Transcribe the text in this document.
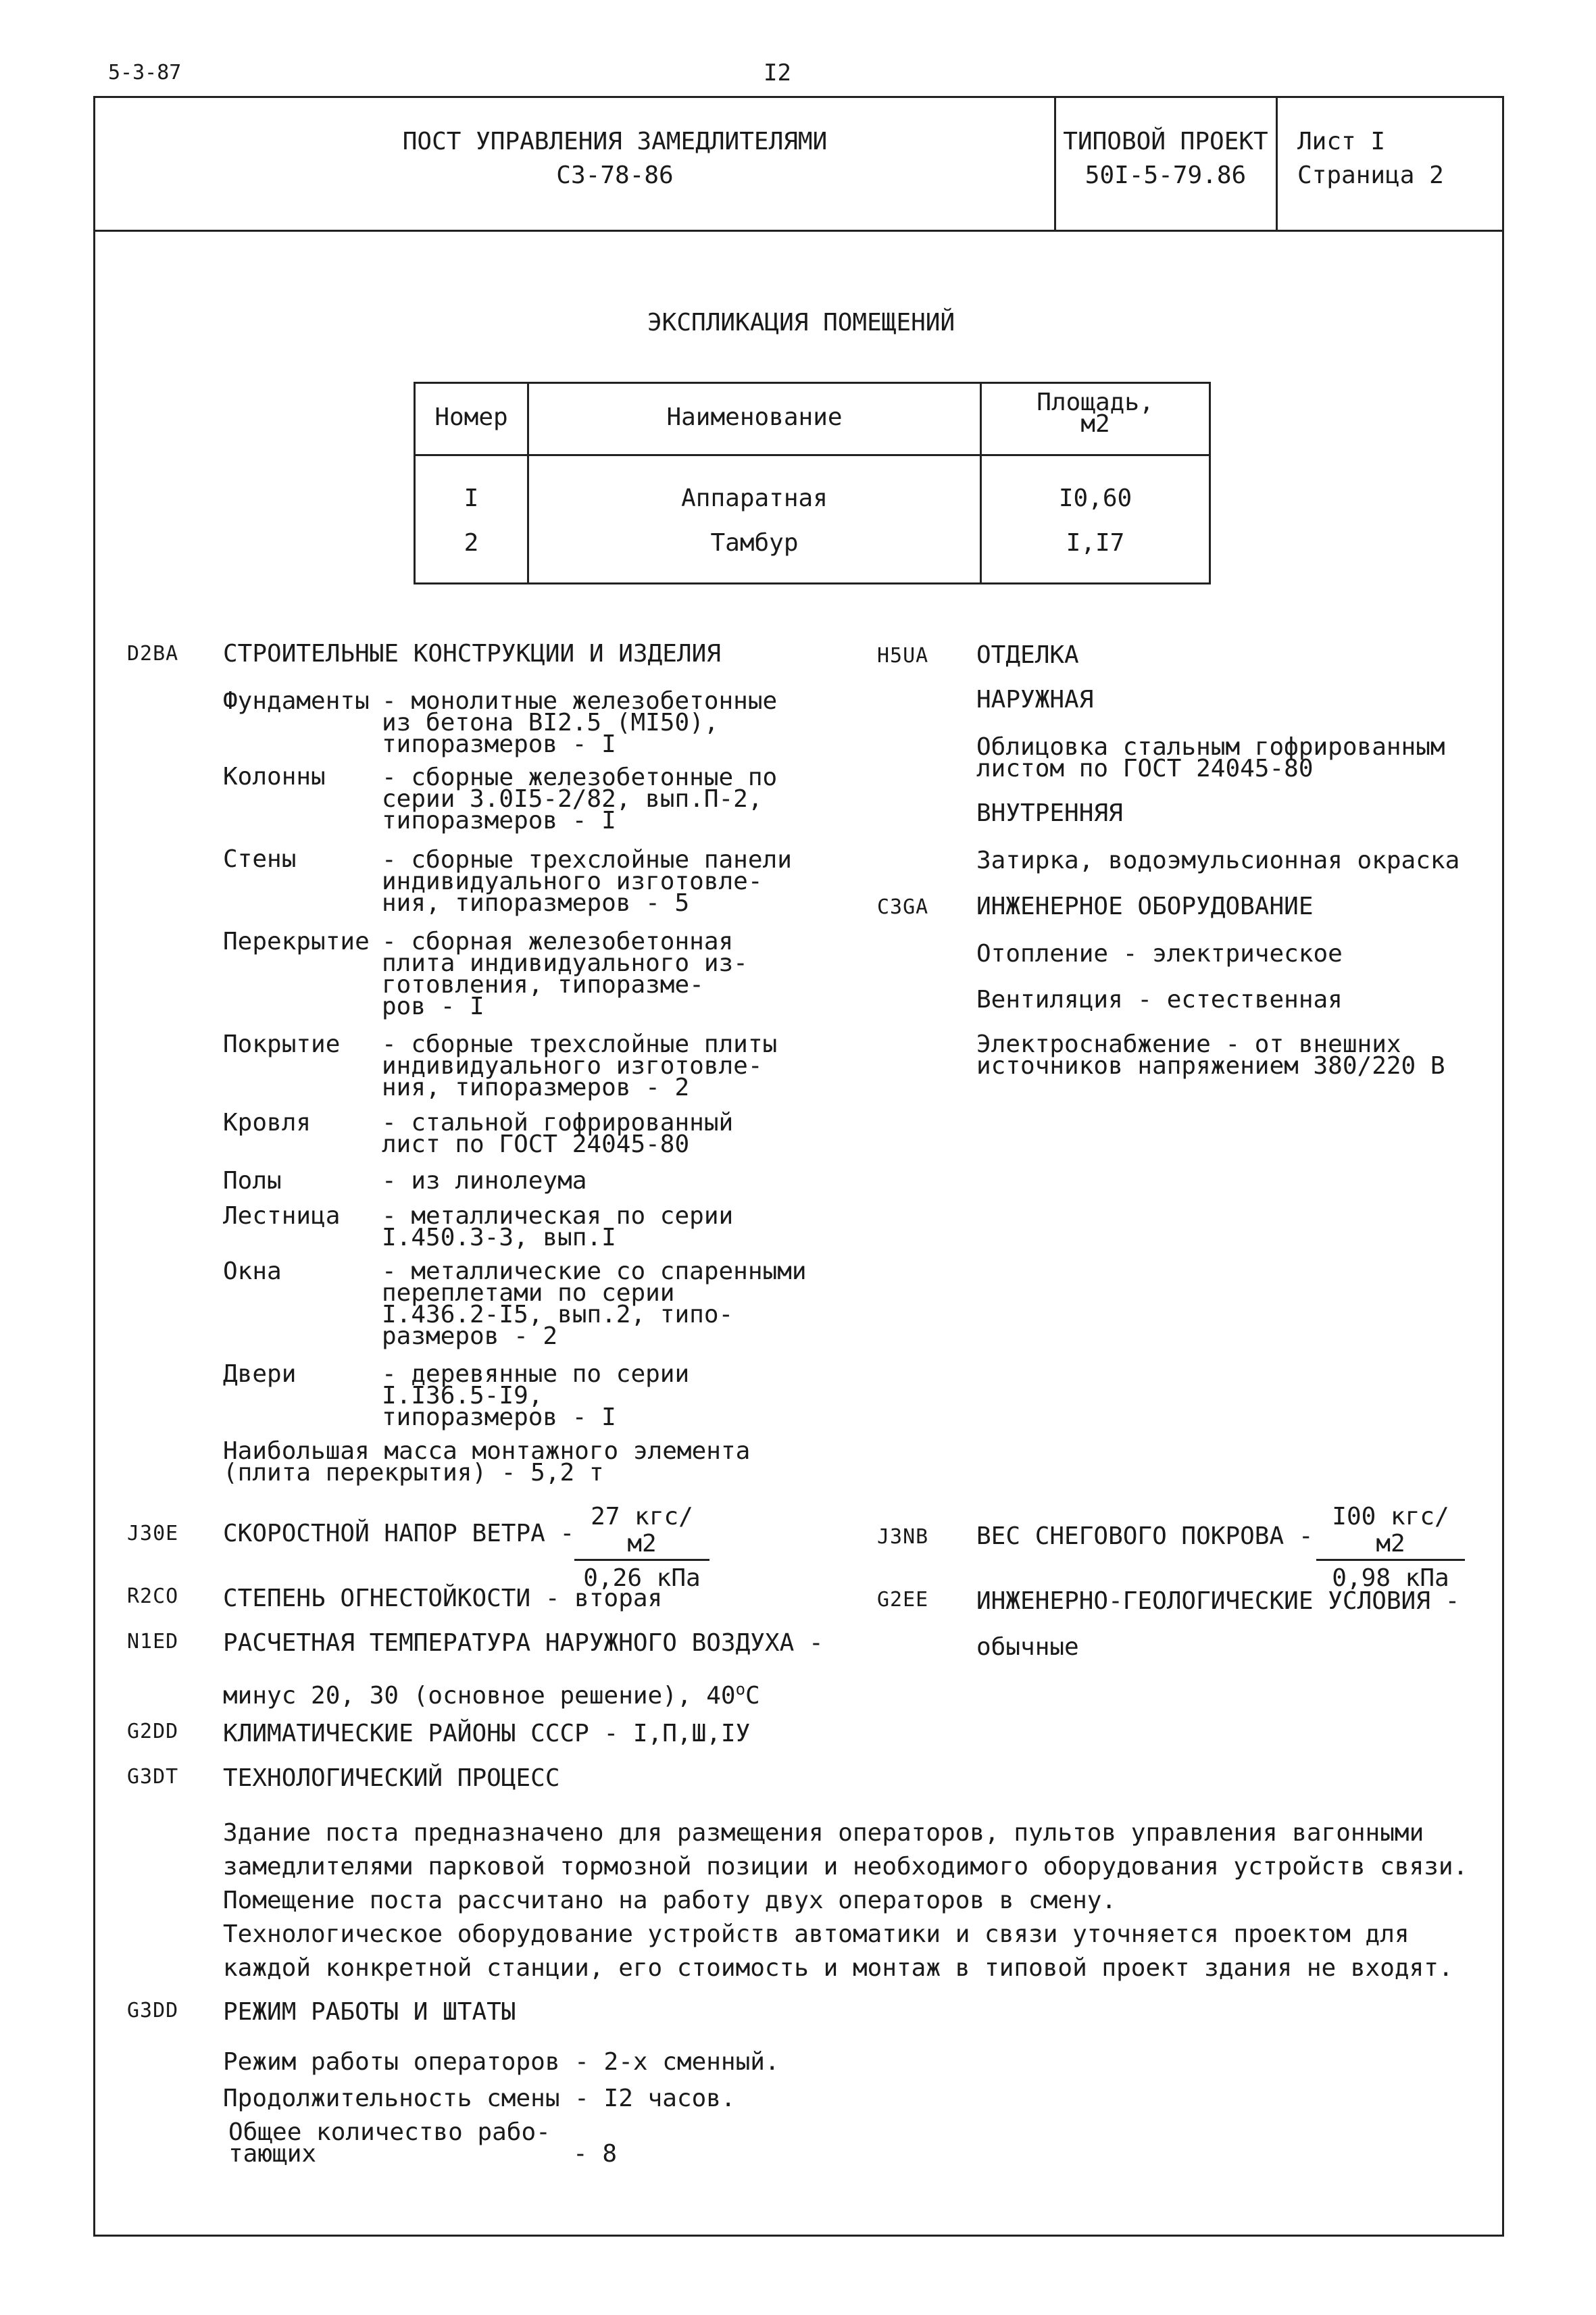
5-3-87	I2
ПОСТ УПРАВЛЕНИЯ ЗАМЕДЛИТЕЛЯМИ
СЗ-78-86
ТИПОВОЙ ПРОЕКТ
50I-5-79.86
Лист I
Страница 2
ЭКСПЛИКАЦИЯ ПОМЕЩЕНИЙ
Номер	Наименование
Площадь,
м2
I	Аппаратная	I0,60
2	Тамбур	I,I7
D2BA	H5UA
C3GA
J30E	J3NB
R2CO	G2EE
N1ED
G2DD
G3DT
G3DD
СТРОИТЕЛЬНЫЕ КОНСТРУКЦИИ И ИЗДЕЛИЯ
Фундаменты - монолитные железобетонные
из бетона BI2.5 (MI50),
типоразмеров - I
Колонны - сборные железобетонные по
серии 3.0I5-2/82, вып.П-2,
типоразмеров - I
Стены	- сборные трехслойные панели
индивидуального изготовле-
ния, типоразмеров - 5
Перекрытие - сборная железобетонная
плита индивидуального из-
готовления, типоразме-
ров - I
Покрытие - сборные трехслойные плиты
индивидуального изготовле-
ния, типоразмеров - 2
Кровля	- стальной гофрированный
лист по ГОСТ 24045-80
Полы	- из линолеума
Лестница - металлическая по серии
I.450.3-3, вып.I
Окна	- металлические со спаренными
переплетами по серии
I.436.2-I5, вып.2, типо-
размеров - 2
Двери	- деревянные по серии
I.I36.5-I9,
типоразмеров - I
Наибольшая масса монтажного элемента
(плита перекрытия) - 5,2 т
ОТДЕЛКА
НАРУЖНАЯ
Облицовка стальным гофрированным
листом по ГОСТ 24045-80
ВНУТРЕННЯЯ
Затирка, водоэмульсионная окраска
ИНЖЕНЕРНОЕ ОБОРУДОВАНИЕ
Отопление - электрическое
Вентиляция - естественная
Электроснабжение - от внешних
источников напряжением 380/220 В
СКОРОСТНОЙ НАПОР ВЕТРА -
27 кгс/м2
0,26 кПа
ВЕС СНЕГОВОГО ПОКРОВА -
I00 кгс/м2
0,98 кПа
СТЕПЕНЬ ОГНЕСТОЙКОСТИ - вторая	ИНЖЕНЕРНО-ГЕОЛОГИЧЕСКИЕ УСЛОВИЯ -
обычные
РАСЧЕТНАЯ ТЕМПЕРАТУРА НАРУЖНОГО ВОЗДУХА -
минус 20, 30 (основное решение), 40$^o$C
КЛИМАТИЧЕСКИЕ РАЙОНЫ СССР - I,П,Ш,IУ
ТЕХНОЛОГИЧЕСКИЙ ПРОЦЕСС
Здание поста предназначено для размещения операторов, пультов управления вагонными
замедлителями парковой тормозной позиции и необходимого оборудования устройств связи.
Помещение поста рассчитано на работу двух операторов в смену.
Технологическое оборудование устройств автоматики и связи уточняется проектом для
каждой конкретной станции, его стоимость и монтаж в типовой проект здания не входят.
РЕЖИМ РАБОТЫ И ШТАТЫ
Режим работы операторов - 2-х сменный.
Продолжительность смены - I2 часов.
Общее количество рабо-
тающих	- 8
